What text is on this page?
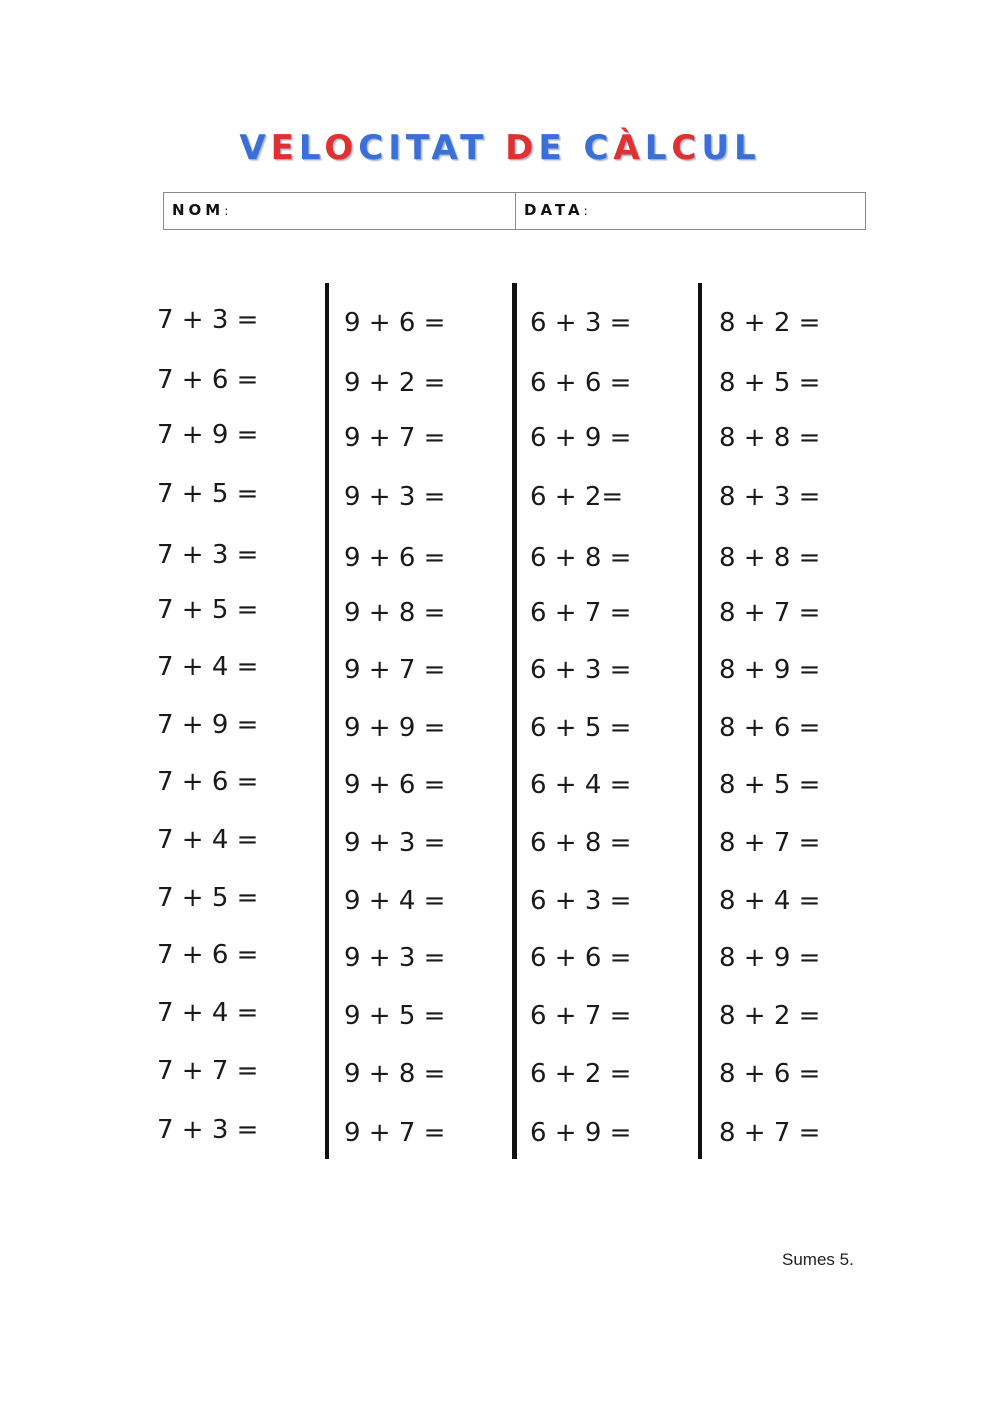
VELOCITAT DE CÀLCUL
NOM:	DATA:
7 + 3 =
7 + 6 =
7 + 9 =
7 + 5 =
7 + 3 =
7 + 5 =
7 + 4 =
7 + 9 =
7 + 6 =
7 + 4 =
7 + 5 =
7 + 6 =
7 + 4 =
7 + 7 =
7 + 3 =
9 + 6 =
9 + 2 =
9 + 7 =
9 + 3 =
9 + 6 =
9 + 8 =
9 + 7 =
9 + 9 =
9 + 6 =
9 + 3 =
9 + 4 =
9 + 3 =
9 + 5 =
9 + 8 =
9 + 7 =
6 + 3 =
6 + 6 =
6 + 9 =
6 + 2=
6 + 8 =
6 + 7 =
6 + 3 =
6 + 5 =
6 + 4 =
6 + 8 =
6 + 3 =
6 + 6 =
6 + 7 =
6 + 2 =
6 + 9 =
8 + 2 =
8 + 5 =
8 + 8 =
8 + 3 =
8 + 8 =
8 + 7 =
8 + 9 =
8 + 6 =
8 + 5 =
8 + 7 =
8 + 4 =
8 + 9 =
8 + 2 =
8 + 6 =
8 + 7 =
Sumes 5.
